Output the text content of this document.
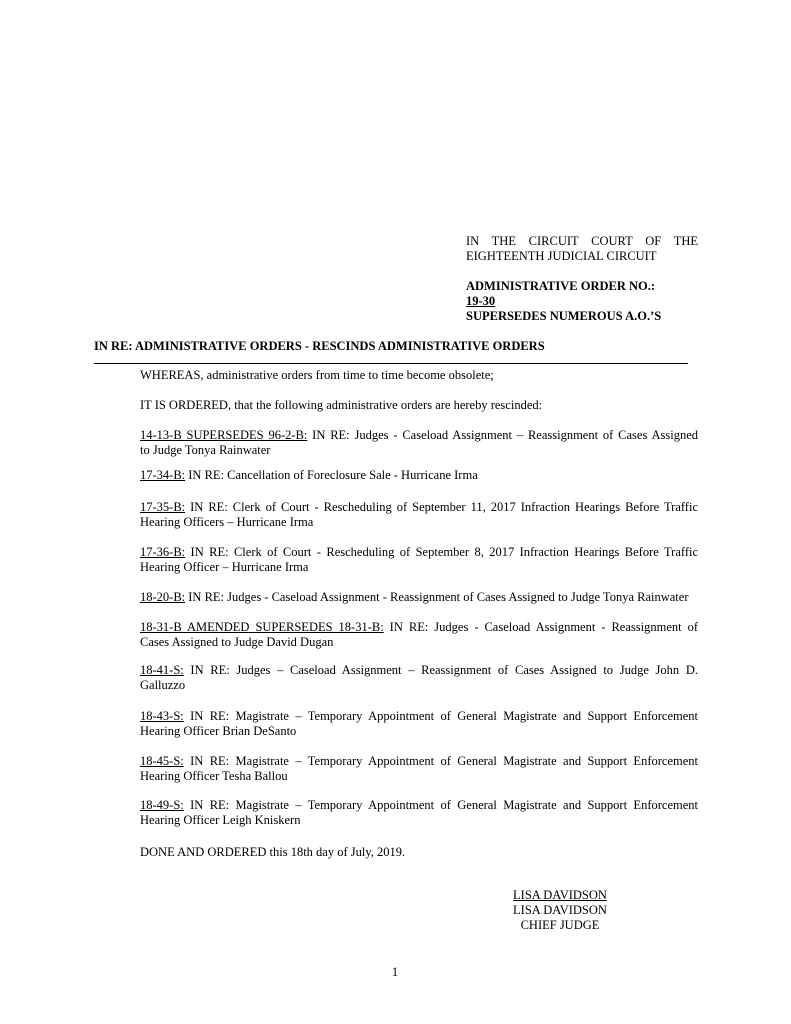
IN THE CIRCUIT COURT OF THE
EIGHTEENTH JUDICIAL CIRCUIT
ADMINISTRATIVE ORDER NO.:
19-30
SUPERSEDES NUMEROUS A.O.’S
IN RE: ADMINISTRATIVE ORDERS - RESCINDS ADMINISTRATIVE ORDERS
WHEREAS, administrative orders from time to time become obsolete;
IT IS ORDERED, that the following administrative orders are hereby rescinded:
14-13-B SUPERSEDES 96-2-B: IN RE: Judges - Caseload Assignment – Reassignment of Cases Assigned
to Judge Tonya Rainwater
17-34-B: IN RE: Cancellation of Foreclosure Sale - Hurricane Irma
17-35-B: IN RE: Clerk of Court - Rescheduling of September 11, 2017 Infraction Hearings Before Traffic
Hearing Officers – Hurricane Irma
17-36-B: IN RE: Clerk of Court - Rescheduling of September 8, 2017 Infraction Hearings Before Traffic
Hearing Officer – Hurricane Irma
18-20-B: IN RE: Judges - Caseload Assignment - Reassignment of Cases Assigned to Judge Tonya Rainwater
18-31-B AMENDED SUPERSEDES 18-31-B: IN RE: Judges - Caseload Assignment - Reassignment of
Cases Assigned to Judge David Dugan
18-41-S: IN RE: Judges – Caseload Assignment – Reassignment of Cases Assigned to Judge John D.
Galluzzo
18-43-S: IN RE: Magistrate – Temporary Appointment of General Magistrate and Support Enforcement
Hearing Officer Brian DeSanto
18-45-S: IN RE: Magistrate – Temporary Appointment of General Magistrate and Support Enforcement
Hearing Officer Tesha Ballou
18-49-S: IN RE: Magistrate – Temporary Appointment of General Magistrate and Support Enforcement
Hearing Officer Leigh Kniskern
DONE AND ORDERED this 18th day of July, 2019.
LISA DAVIDSON
LISA DAVIDSON
CHIEF JUDGE
1
